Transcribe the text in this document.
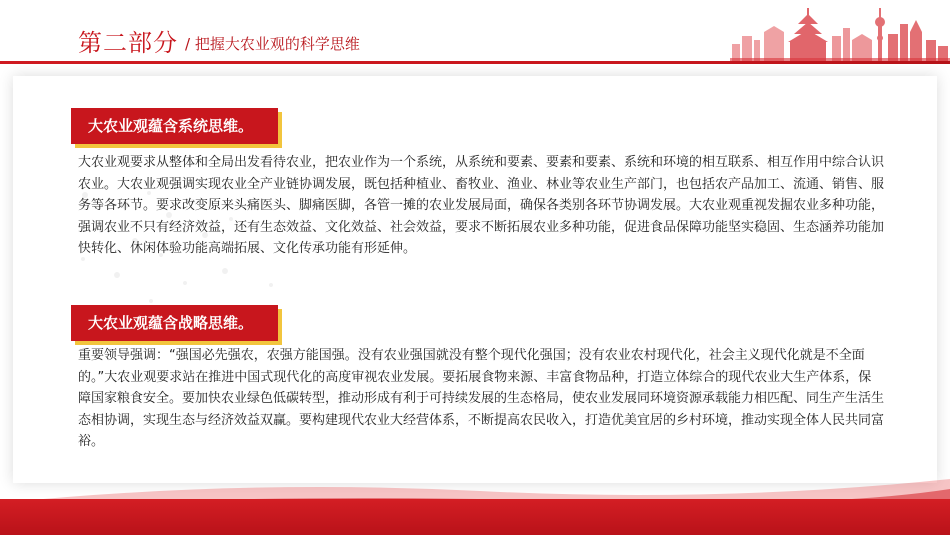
第二部分 / 把握大农业观的科学思维
大农业观蕴含系统思维。

大农业观要求从整体和全局出发看待农业，把农业作为一个系统，从系统和要素、要素和要素、系统和环境的相互联系、相互作用中综合认识农业。大农业观强调实现农业全产业链协调发展，既包括种植业、畜牧业、渔业、林业等农业生产部门，也包括农产品加工、流通、销售、服务等各环节。要求改变原来头痛医头、脚痛医脚，各管一摊的农业发展局面，确保各类别各环节协调发展。大农业观重视发掘农业多种功能，强调农业不只有经济效益，还有生态效益、文化效益、社会效益，要求不断拓展农业多种功能，促进食品保障功能坚实稳固、生态涵养功能加快转化、休闲体验功能高端拓展、文化传承功能有形延伸。

大农业观蕴含战略思维。

重要领导强调：“强国必先强农，农强方能国强。没有农业强国就没有整个现代化强国；没有农业农村现代化，社会主义现代化就是不全面的。”大农业观要求站在推进中国式现代化的高度审视农业发展。要拓展食物来源、丰富食物品种，打造立体综合的现代农业大生产体系，保障国家粮食安全。要加快农业绿色低碳转型，推动形成有利于可持续发展的生态格局，使农业发展同环境资源承载能力相匹配、同生产生活生态相协调，实现生态与经济效益双赢。要构建现代农业大经营体系，不断提高农民收入，打造优美宜居的乡村环境，推动实现全体人民共同富裕。
